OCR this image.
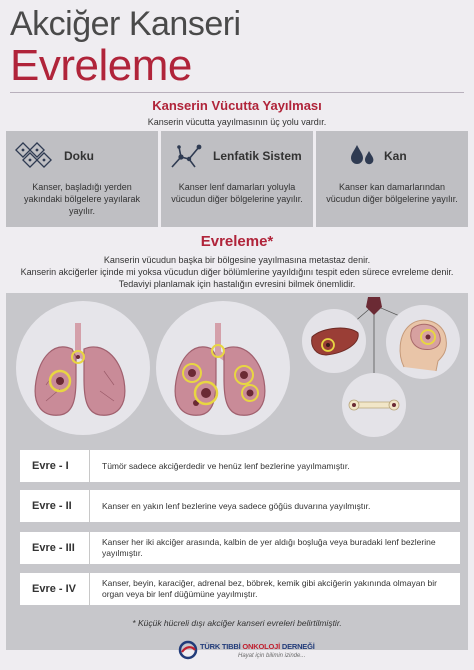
Akciğer Kanseri
Evreleme
Kanserin Vücutta Yayılması
Kanserin vücutta yayılmasının üç yolu vardır.
Doku
Kanser, başladığı yerden yakındaki bölgelere yayılarak yayılır.
Lenfatik Sistem
Kanser lenf damarları yoluyla vücudun diğer bölgelerine yayılır.
Kan
Kanser kan damarlarından vücudun diğer bölgelerine yayılır.
Evreleme*
Kanserin vücudun başka bir bölgesine yayılmasına metastaz denir.
Kanserin akciğerler içinde mi yoksa vücudun diğer bölümlerine yayıldığını tespit eden sürece evreleme denir.
Tedaviyi planlamak için hastalığın evresini bilmek önemlidir.
Evre - I	Tümör sadece akciğerdedir ve henüz lenf bezlerine yayılmamıştır.
Evre - II	Kanser en yakın lenf bezlerine veya sadece göğüs duvarına yayılmıştır.
Evre - III	Kanser her iki akciğer arasında, kalbin de yer aldığı boşluğa veya buradaki lenf bezlerine yayılmıştır.
Evre - IV	Kanser, beyin, karaciğer, adrenal bez, böbrek, kemik gibi akciğerin yakınında olmayan bir organ veya bir lenf düğümüne yayılmıştır.
* Küçük hücreli dışı akciğer kanseri evreleri belirtilmiştir.
TÜRK TIBBİ ONKOLOJİ DERNEĞİ
Hayat için bilimin izinde...
